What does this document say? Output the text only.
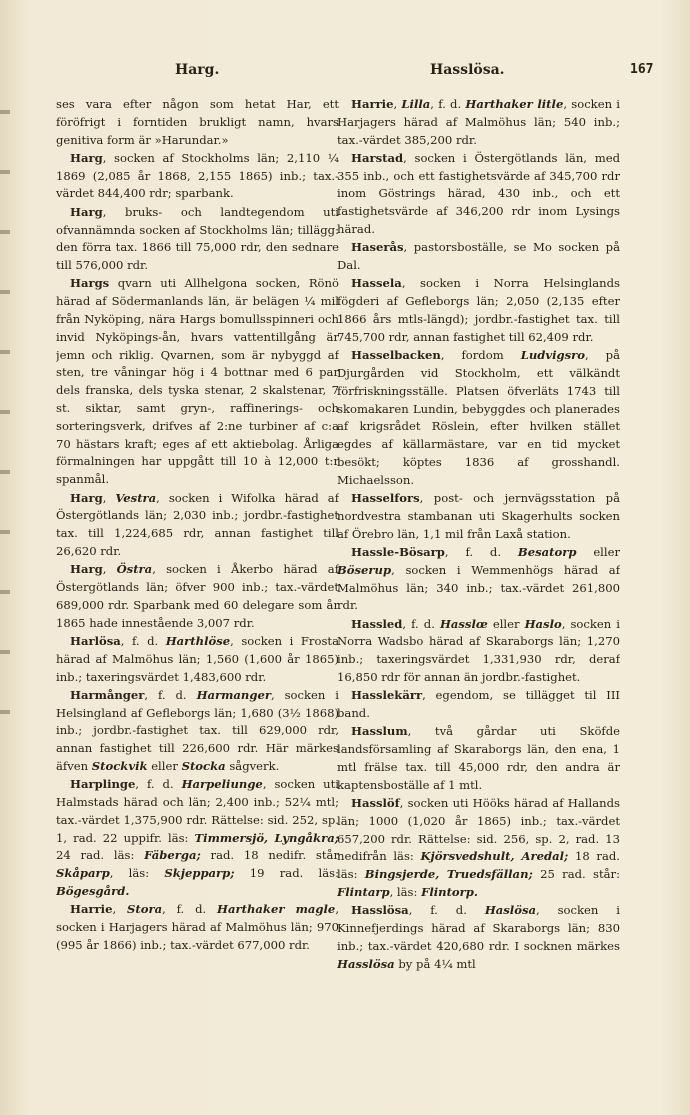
Harg.	Hasslösa.	167

ses vara efter någon som hetat Har, ett föröfrigt i forntiden brukligt namn, hvars genitiva form är »Harundar.»

Harg, socken af Stockholms län; 2,110 ¼ 1869 (2,085 år 1868, 2,155 1865) inb.; tax.-värdet 844,400 rdr; sparbank.

Harg, bruks- och landtegendom uti ofvannämnda socken af Stockholms län; tillägg: den förra tax. 1866 till 75,000 rdr, den sednare till 576,000 rdr.

Hargs qvarn uti Allhelgona socken, Rönö härad af Södermanlands län, är belägen ¼ mil från Nyköping, nära Hargs bomullsspinneri och invid Nyköpings-ån, hvars vattentillgång är jemn och riklig. Qvarnen, som är nybyggd af sten, tre våningar hög i 4 bottnar med 6 par dels franska, dels tyska stenar, 2 skalstenar, 7 st. siktar, samt gryn-, raffinerings- och sorteringsverk, drifves af 2:ne turbiner af c:a 70 hästars kraft; eges af ett aktiebolag. Årliga förmalningen har uppgått till 10 à 12,000 t:r spanmål.

Harg, Vestra, socken i Wifolka härad af Östergötlands län; 2,030 inb.; jordbr.-fastighet tax. till 1,224,685 rdr, annan fastighet till 26,620 rdr.

Harg, Östra, socken i Åkerbo härad af Östergötlands län; öfver 900 inb.; tax.-värdet 689,000 rdr. Sparbank med 60 delegare som år 1865 hade innestående 3,007 rdr.

Harlösa, f. d. Harthlöse, socken i Frosta härad af Malmöhus län; 1,560 (1,600 år 1865) inb.; taxeringsvärdet 1,483,600 rdr.

Harmånger, f. d. Harmanger, socken i Helsingland af Gefleborgs län; 1,680 (3½ 1868) inb.; jordbr.-fastighet tax. till 629,000 rdr, annan fastighet till 226,600 rdr. Här märkes äfven Stockvik eller Stocka sågverk.

Harplinge, f. d. Harpeliunge, socken uti Halmstads härad och län; 2,400 inb.; 52¼ mtl; tax.-värdet 1,375,900 rdr. Rättelse: sid. 252, sp. 1, rad. 22 uppifr. läs: Timmersjö, Lyngåkra; 24 rad. läs: Fäberga; rad. 18 nedifr. står Skåparp, läs: Skjepparp; 19 rad. läs: Bögesgård.

Harrie, Stora, f. d. Harthaker magle, socken i Harjagers härad af Malmöhus län; 970 (995 år 1866) inb.; tax.-värdet 677,000 rdr.

Harrie, Lilla, f. d. Harthaker litle, socken i Harjagers härad af Malmöhus län; 540 inb.; tax.-värdet 385,200 rdr.

Harstad, socken i Östergötlands län, med 355 inb., och ett fastighetsvärde af 345,700 rdr inom Göstrings härad, 430 inb., och ett fastighetsvärde af 346,200 rdr inom Lysings härad.

Haserås, pastorsboställe, se Mo socken på Dal.

Hassela, socken i Norra Helsinglands fögderi af Gefleborgs län; 2,050 (2,135 efter 1866 års mtls-längd); jordbr.-fastighet tax. till 745,700 rdr, annan fastighet till 62,409 rdr.

Hasselbacken, fordom Ludvigsro, på Djurgården vid Stockholm, ett välkändt förfriskningsställe. Platsen öfverläts 1743 till skomakaren Lundin, bebyggdes och planerades af krigsrådet Röslein, efter hvilken stället egdes af källarmästare, var en tid mycket besökt; köptes 1836 af grosshandl. Michaelsson.

Hasselfors, post- och jernvägsstation på nordvestra stambanan uti Skagerhults socken af Örebro län, 1,1 mil från Laxå station.

Hassle-Bösarp, f. d. Besatorp eller Böserup, socken i Wemmenhögs härad af Malmöhus län; 340 inb.; tax.-värdet 261,800 rdr.

Hassled, f. d. Hasslœ eller Haslo, socken i Norra Wadsbo härad af Skaraborgs län; 1,270 inb.; taxeringsvärdet 1,331,930 rdr, deraf 16,850 rdr för annan än jordbr.-fastighet.

Hasslekärr, egendom, se tillägget til III band.

Hasslum, två gårdar uti Sköfde landsförsamling af Skaraborgs län, den ena, 1 mtl frälse tax. till 45,000 rdr, den andra är kaptensboställe af 1 mtl.

Hasslöf, socken uti Hööks härad af Hallands län; 1000 (1,020 år 1865) inb.; tax.-värdet 657,200 rdr. Rättelse: sid. 256, sp. 2, rad. 13 nedifrån läs: Kjörsvedshult, Aredal; 18 rad. läs: Bingsjerde, Truedsfällan; 25 rad. står: Flintarp, läs: Flintorp.

Hasslösa, f. d. Haslösa, socken i Kinnefjerdings härad af Skaraborgs län; 830 inb.; tax.-värdet 420,680 rdr. I socknen märkes Hasslösa by på 4¼ mtl
